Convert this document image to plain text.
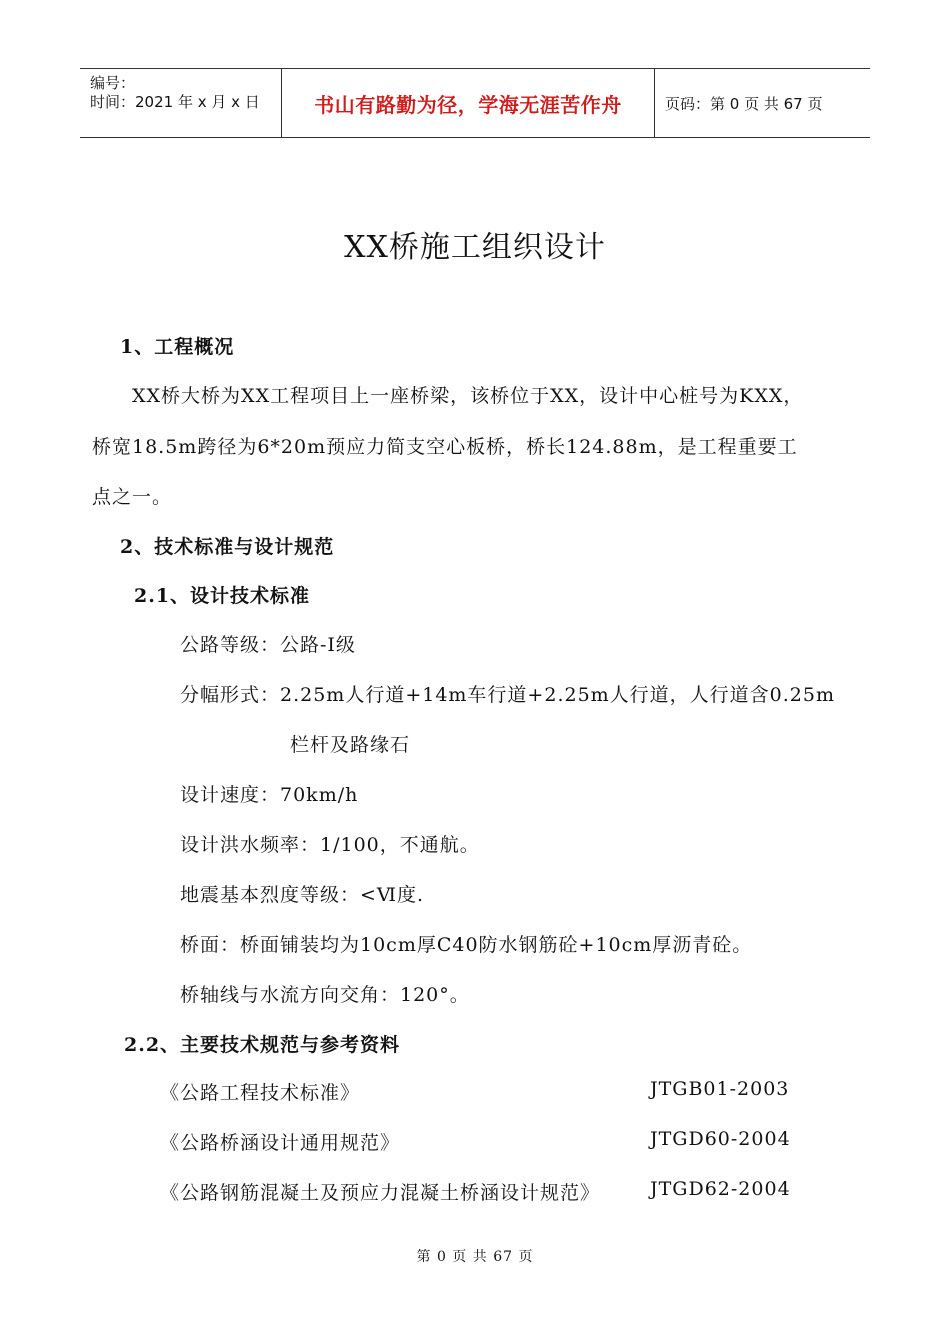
编号：
时间：2021 年 x 月 x 日	书山有路勤为径，学海无涯苦作舟	页码：第 0 页 共 67 页
XX桥施工组织设计
1、工程概况
XX桥大桥为XX工程项目上一座桥梁，该桥位于XX，设计中心桩号为KXX，
桥宽18.5m跨径为6*20m预应力简支空心板桥，桥长124.88m，是工程重要工
点之一。
2、技术标准与设计规范
2.1、设计技术标准
公路等级：公路-Ⅰ级
分幅形式：2.25m人行道+14m车行道+2.25m人行道，人行道含0.25m
栏杆及路缘石
设计速度：70km/h
设计洪水频率：1/100，不通航。
地震基本烈度等级：<Ⅵ度.
桥面：桥面铺装均为10cm厚C40防水钢筋砼+10cm厚沥青砼。
桥轴线与水流方向交角：120°。
2.2、主要技术规范与参考资料
《公路工程技术标准》	JTGB01-2003
《公路桥涵设计通用规范》	JTGD60-2004
《公路钢筋混凝土及预应力混凝土桥涵设计规范》	JTGD62-2004
第 0 页 共 67 页
